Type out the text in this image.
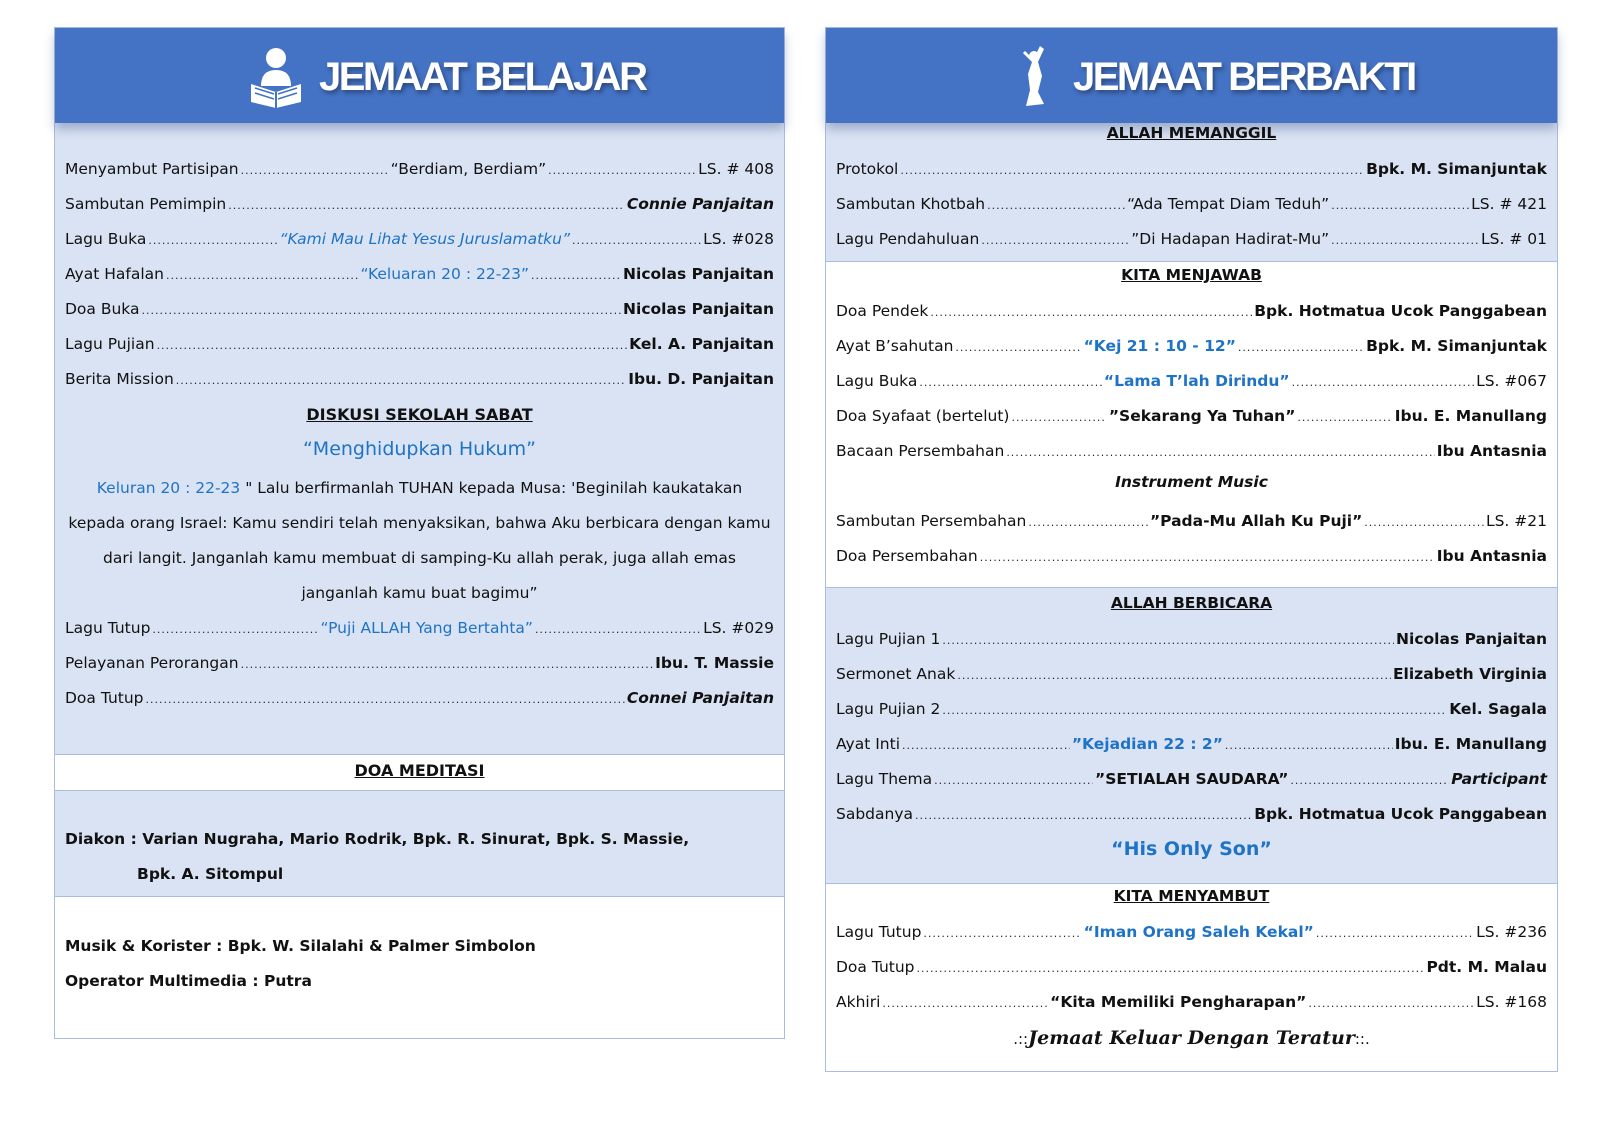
JEMAAT BELAJAR
Menyambut Partisipan .....	“Berdiam, Berdiam” .....	LS. # 408
Sambutan Pemimpin .....	Connie Panjaitan
Lagu Buka .....	“Kami Mau Lihat Yesus Juruslamatku” .....	LS. #028
Ayat Hafalan .....	“Keluaran 20 : 22-23” .....	Nicolas Panjaitan
Doa Buka .....	Nicolas Panjaitan
Lagu Pujian .....	Kel. A. Panjaitan
Berita Mission .....	Ibu. D. Panjaitan
DISKUSI SEKOLAH SABAT
“Menghidupkan Hukum”
Keluran 20 : 22-23 " Lalu berfirmanlah TUHAN kepada Musa: 'Beginilah kaukatakan
kepada orang Israel: Kamu sendiri telah menyaksikan, bahwa Aku berbicara dengan kamu
dari langit. Janganlah kamu membuat di samping-Ku allah perak, juga allah emas
janganlah kamu buat bagimu”
Lagu Tutup .....	“Puji ALLAH Yang Bertahta” .....	LS. #029
Pelayanan Perorangan .....	Ibu. T. Massie
Doa Tutup .....	Connei Panjaitan
DOA MEDITASI
Diakon : Varian Nugraha, Mario Rodrik, Bpk. R. Sinurat, Bpk. S. Massie,
Bpk. A. Sitompul
Musik & Korister : Bpk. W. Silalahi & Palmer Simbolon
Operator Multimedia : Putra
JEMAAT BERBAKTI
ALLAH MEMANGGIL
Protokol .....	Bpk. M. Simanjuntak
Sambutan Khotbah .....	“Ada Tempat Diam Teduh” .....	LS. # 421
Lagu Pendahuluan .....	”Di Hadapan Hadirat-Mu” .....	LS. # 01
KITA MENJAWAB
Doa Pendek .....	Bpk. Hotmatua Ucok Panggabean
Ayat B’sahutan .....	“Kej 21 : 10 - 12” .....	Bpk. M. Simanjuntak
Lagu Buka .....	“Lama T’lah Dirindu” .....	LS. #067
Doa Syafaat (bertelut) .....	”Sekarang Ya Tuhan” .....	Ibu. E. Manullang
Bacaan Persembahan .....	Ibu Antasnia
Instrument Music
Sambutan Persembahan .....	”Pada-Mu Allah Ku Puji” .....	LS. #21
Doa Persembahan .....	Ibu Antasnia
ALLAH BERBICARA
Lagu Pujian 1 .....	Nicolas Panjaitan
Sermonet Anak .....	Elizabeth Virginia
Lagu Pujian 2 .....	Kel. Sagala
Ayat Inti .....	”Kejadian 22 : 2” .....	Ibu. E. Manullang
Lagu Thema .....	”SETIALAH SAUDARA” .....	Participant
Sabdanya .....	Bpk. Hotmatua Ucok Panggabean
“His Only Son”
KITA MENYAMBUT
Lagu Tutup .....	“Iman Orang Saleh Kekal” .....	LS. #236
Doa Tutup .....	Pdt. M. Malau
Akhiri .....	“Kita Memiliki Pengharapan” .....	LS. #168
.::Jemaat Keluar Dengan Teratur::.
